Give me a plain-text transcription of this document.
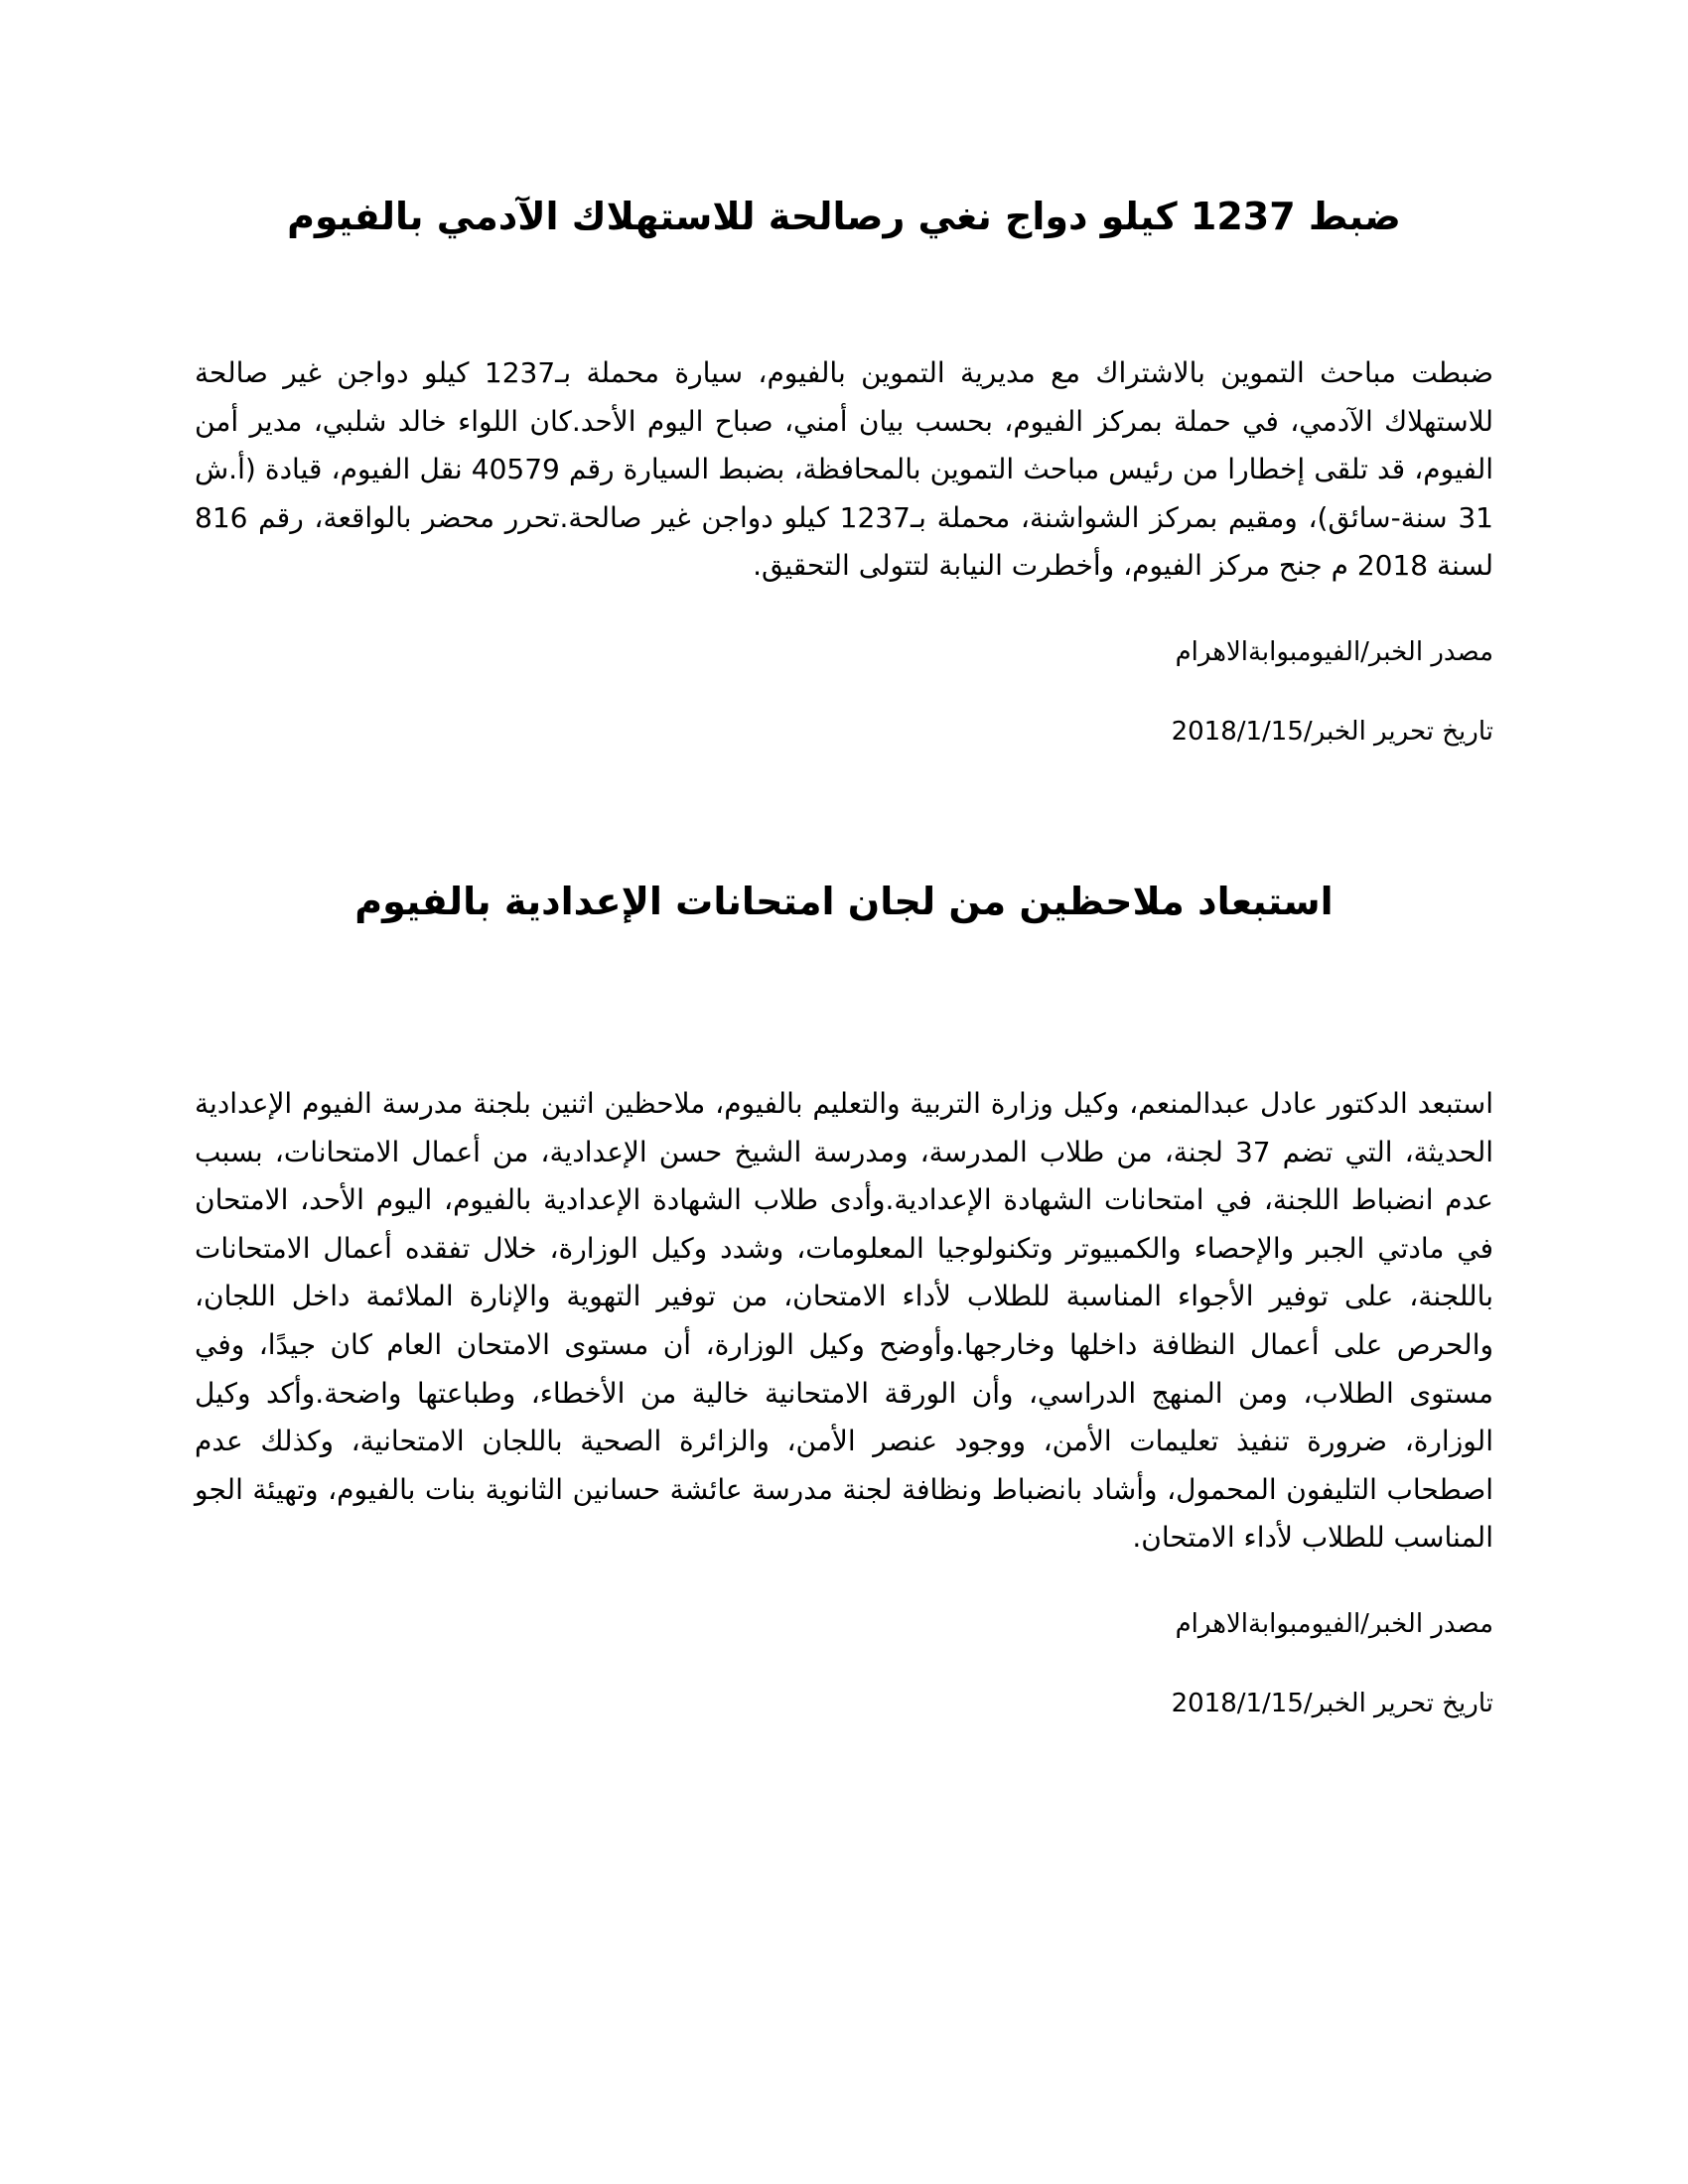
ضبط 1237 كيلو دواج نغي رصالحة للاستهلاك الآدمي بالفيوم

ضبطت مباحث التموين بالاشتراك مع مديرية التموين بالفيوم، سيارة محملة بـ1237 كيلو دواجن غير صالحة للاستهلاك الآدمي، في حملة بمركز الفيوم، بحسب بيان أمني، صباح اليوم الأحد.كان اللواء خالد شلبي، مدير أمن الفيوم، قد تلقى إخطارا من رئيس مباحث التموين بالمحافظة، بضبط السيارة رقم 40579 نقل الفيوم، قيادة (أ.ش 31 سنة-سائق)، ومقيم بمركز الشواشنة، محملة بـ1237 كيلو دواجن غير صالحة.تحرر محضر بالواقعة، رقم 816 لسنة 2018 م جنح مركز الفيوم، وأخطرت النيابة لتتولى التحقيق.

مصدر الخبر/الفيومبوابةالاهرام

تاريخ تحرير الخبر/2018/1/15

استبعاد ملاحظين من لجان امتحانات الإعدادية بالفيوم

استبعد الدكتور عادل عبدالمنعم، وكيل وزارة التربية والتعليم بالفيوم، ملاحظين اثنين بلجنة مدرسة الفيوم الإعدادية الحديثة، التي تضم 37 لجنة، من طلاب المدرسة، ومدرسة الشيخ حسن الإعدادية، من أعمال الامتحانات، بسبب عدم انضباط اللجنة، في امتحانات الشهادة الإعدادية.وأدى طلاب الشهادة الإعدادية بالفيوم، اليوم الأحد، الامتحان في مادتي الجبر والإحصاء والكمبيوتر وتكنولوجيا المعلومات، وشدد وكيل الوزارة، خلال تفقده أعمال الامتحانات باللجنة، على توفير الأجواء المناسبة للطلاب لأداء الامتحان، من توفير التهوية والإنارة الملائمة داخل اللجان، والحرص على أعمال النظافة داخلها وخارجها.وأوضح وكيل الوزارة، أن مستوى الامتحان العام كان جيدًا، وفي مستوى الطلاب، ومن المنهج الدراسي، وأن الورقة الامتحانية خالية من الأخطاء، وطباعتها واضحة.وأكد وكيل الوزارة، ضرورة تنفيذ تعليمات الأمن، ووجود عنصر الأمن، والزائرة الصحية باللجان الامتحانية، وكذلك عدم اصطحاب التليفون المحمول، وأشاد بانضباط ونظافة لجنة مدرسة عائشة حسانين الثانوية بنات بالفيوم، وتهيئة الجو المناسب للطلاب لأداء الامتحان.

مصدر الخبر/الفيومبوابةالاهرام

تاريخ تحرير الخبر/2018/1/15
